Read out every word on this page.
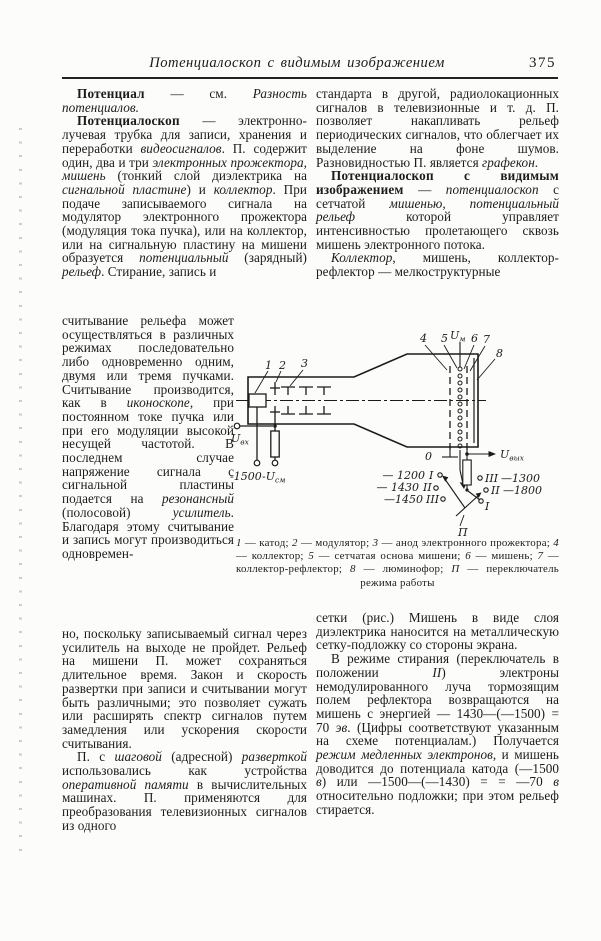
Потенциалоскоп с видимым изображением	375

Потенциал — см. Разность потенциалов.

Потенциалоскоп — электронно-лучевая трубка для записи, хранения и переработки видеосигналов. П. содержит один, два и три электронных прожектора, мишень (тонкий слой диэлектрика на сигнальной пластине) и коллектор. При подаче записываемого сигнала на модулятор электронного прожектора (модуляция тока пучка), или на коллектор, или на сигнальную пластину на мишени образуется потенциальный (зарядный) рельеф. Стирание, запись и

считывание рельефа может осуществляться в различных режимах последовательно либо одновременно одним, двумя или тремя пучками. Считывание производится, как в иконоскопе, при постоянном токе пучка или при его модуляции высокой несущей частотой. В последнем случае напряжение сигнала с сигнальной пластины подается на резонансный (полосовой) усилитель. Благодаря этому считывание и запись могут производиться одновремен-

но, поскольку записываемый сигнал через усилитель на выходе не пройдет. Рельеф на мишени П. может сохраняться длительное время. Закон и скорость развертки при записи и считывании могут быть различными; это позволяет сужать или расширять спектр сигналов путем замедления или ускорения скорости считывания.

П. с шаговой (адресной) разверткой использовались как устройства оперативной памяти в вычислительных машинах. П. применяются для преобразования телевизионных сигналов из одного

стандарта в другой, радиолокационных сигналов в телевизионные и т. д. П. позволяет накапливать рельеф периодических сигналов, что облегчает их выделение на фоне шумов. Разновидностью П. является графекон.

Потенциалоскоп с видимым изображением — потенциалоскоп с сетчатой мишенью, потенциальный рельеф которой управляет интенсивностью пролетающего сквозь мишень электронного потока.

Коллектор, мишень, коллектор-рефлектор — мелкоструктурные

сетки (рис.) Мишень в виде слоя диэлектрика наносится на металлическую сетку-подложку со стороны экрана.

В режиме стирания (переключатель в положении II) электроны немодулированного луча тормозящим полем рефлектора возвращаются на мишень с энергией — 1430—(—1500) = 70 эв. (Цифры соответствуют указанным на схеме потенциалам.) Получается режим медленных электронов, и мишень доводится до потенциала катода (—1500 в) или —1500—(—1430) = = —70 в относительно подложки; при этом рельеф стирается.

1 2 3
4 5 6 7
8
$U_м$
$U_{вх}$
-1500 $-U_{см}$	— 1200 I
— 1430 II
—1450 III
III —1300
II —1800
I
П
0	$U_{вых}$

1 — катод; 2 — модулятор; 3 — анод электронного прожектора; 4 — коллектор; 5 — сетчатая основа мишени; 6 — мишень; 7 — коллектор-рефлектор; 8 — люминофор; П — переключатель режима работы
